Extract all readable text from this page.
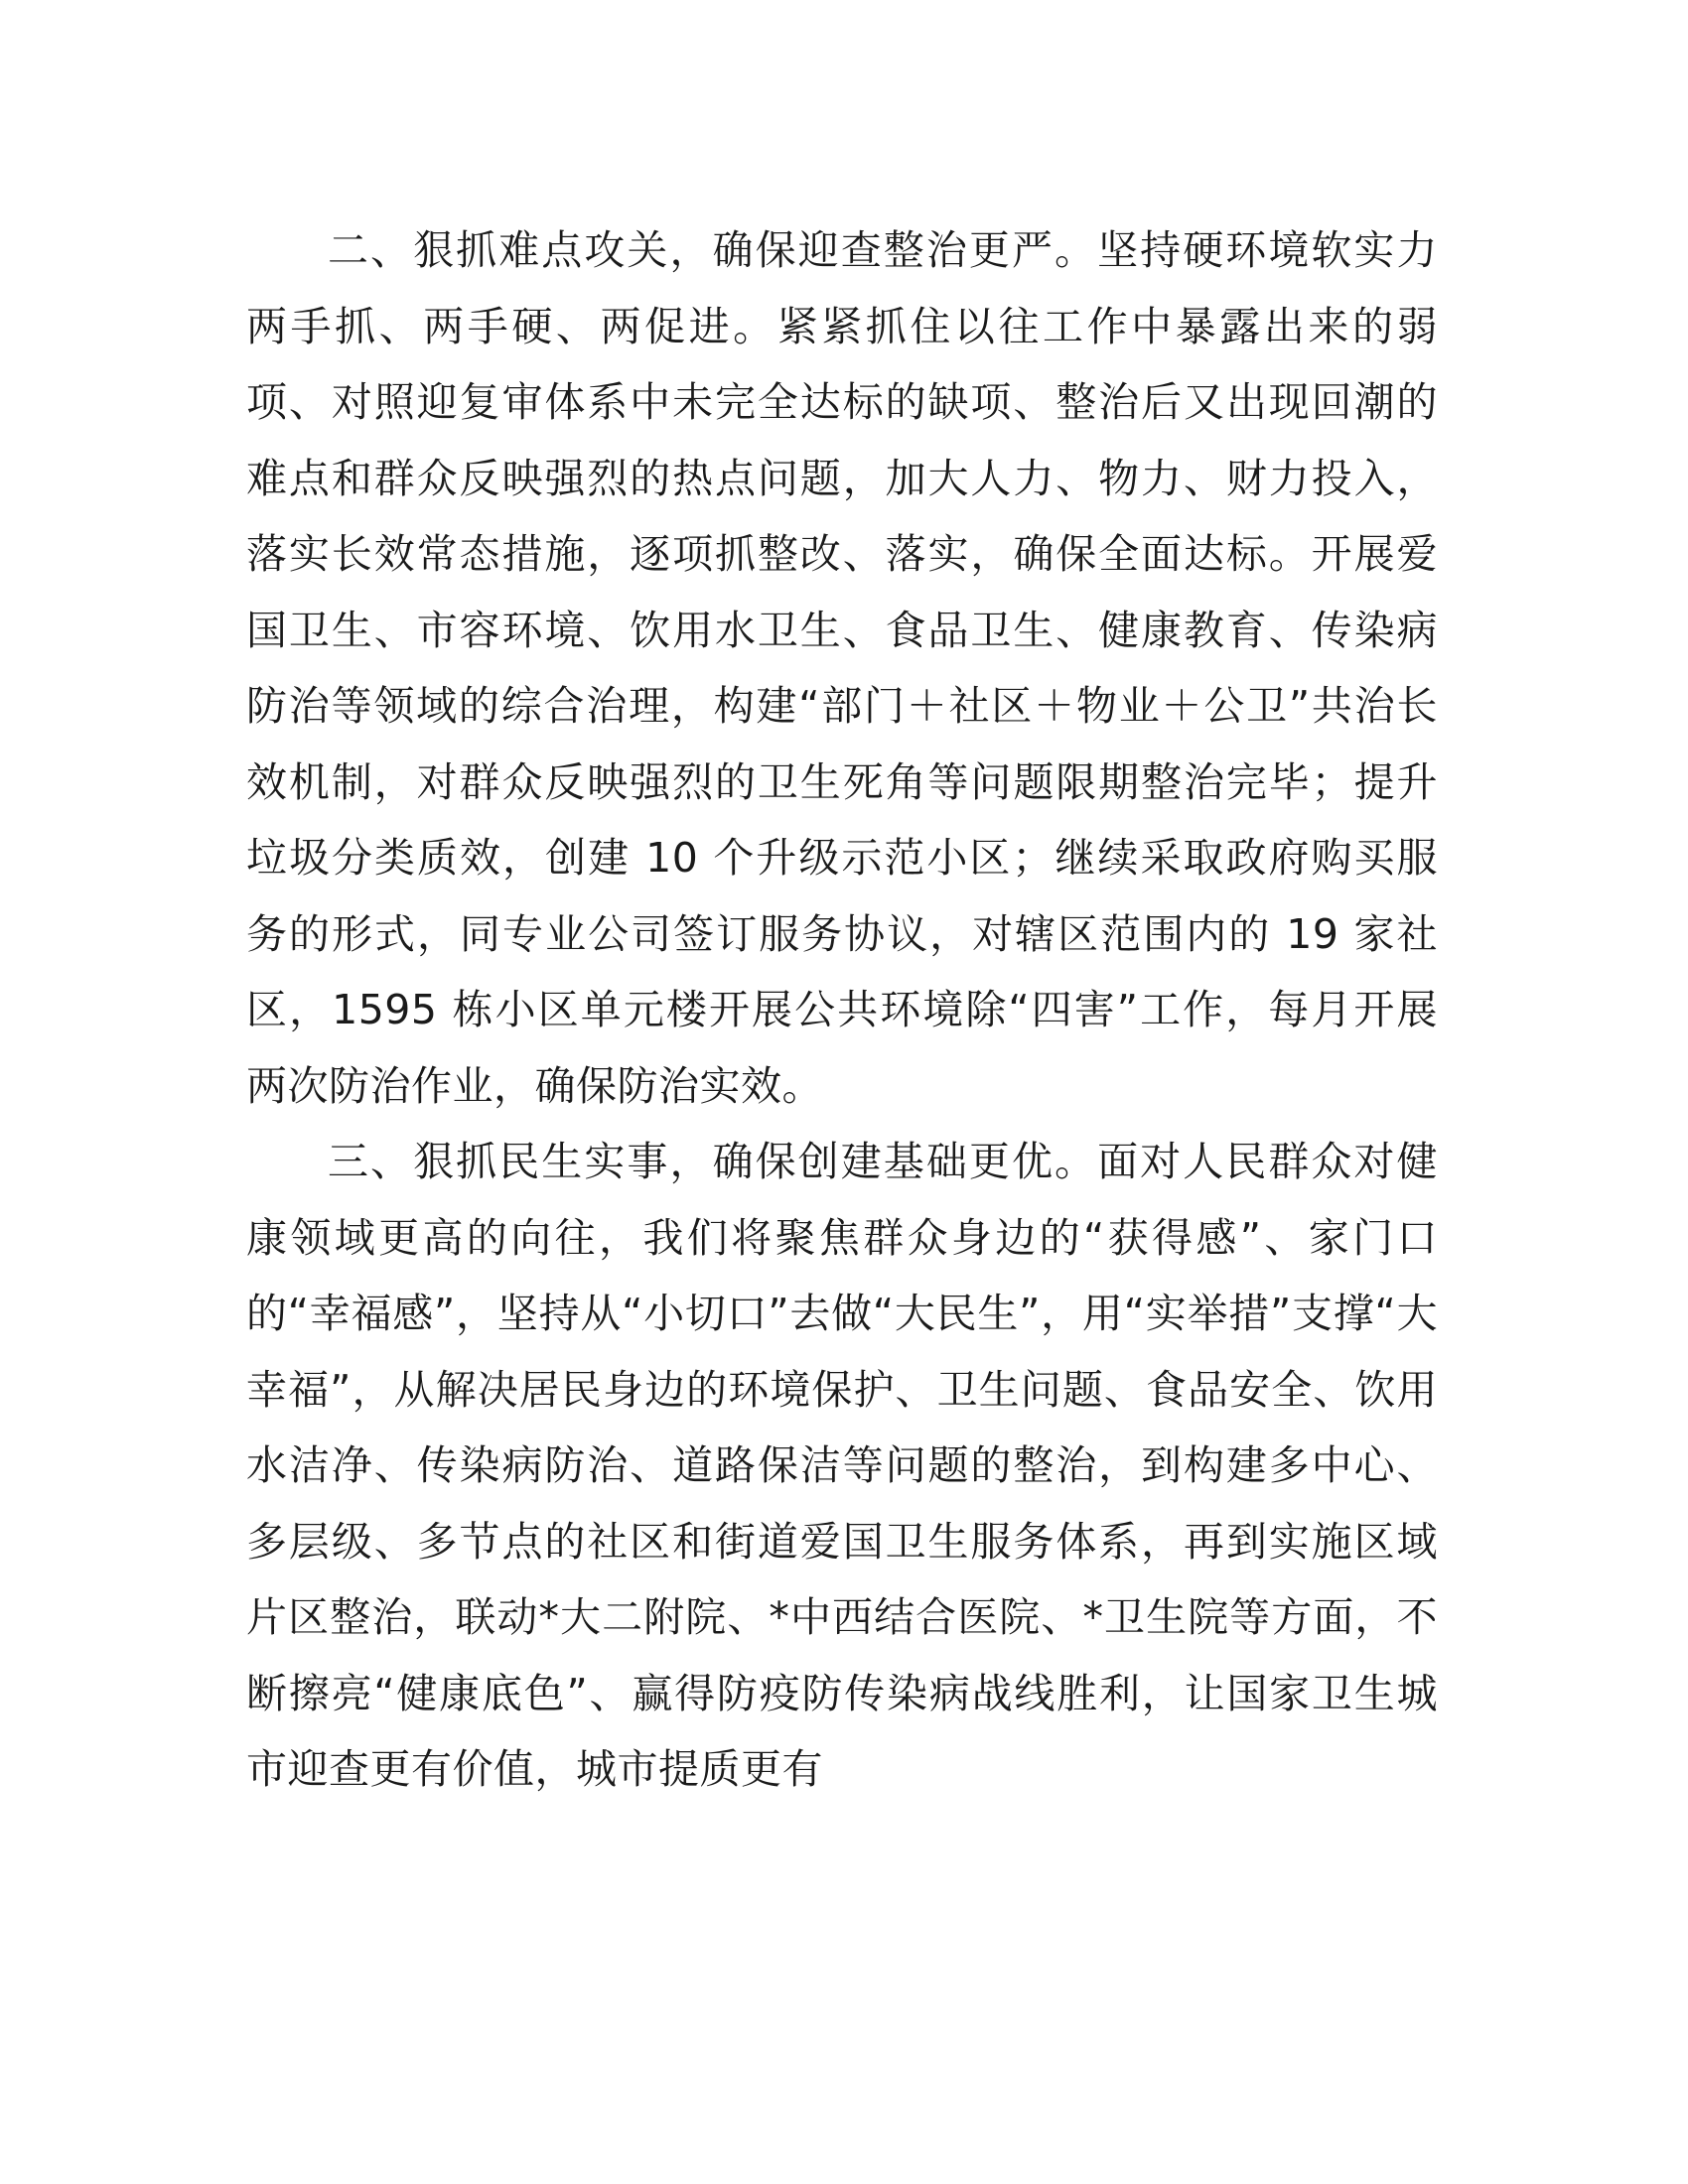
二、狠抓难点攻关，确保迎查整治更严。坚持硬环境软实力两手抓、两手硬、两促进。紧紧抓住以往工作中暴露出来的弱项、对照迎复审体系中未完全达标的缺项、整治后又出现回潮的难点和群众反映强烈的热点问题，加大人力、物力、财力投入，落实长效常态措施，逐项抓整改、落实，确保全面达标。开展爱国卫生、市容环境、饮用水卫生、食品卫生、健康教育、传染病防治等领域的综合治理，构建“部门＋社区＋物业＋公卫”共治长效机制，对群众反映强烈的卫生死角等问题限期整治完毕；提升垃圾分类质效，创建 10 个升级示范小区；继续采取政府购买服务的形式，同专业公司签订服务协议，对辖区范围内的 19 家社区，1595 栋小区单元楼开展公共环境除“四害”工作，每月开展两次防治作业，确保防治实效。

三、狠抓民生实事，确保创建基础更优。面对人民群众对健康领域更高的向往，我们将聚焦群众身边的“获得感”、家门口的“幸福感”，坚持从“小切口”去做“大民生”，用“实举措”支撑“大幸福”，从解决居民身边的环境保护、卫生问题、食品安全、饮用水洁净、传染病防治、道路保洁等问题的整治，到构建多中心、多层级、多节点的社区和街道爱国卫生服务体系，再到实施区域片区整治，联动*大二附院、*中西结合医院、*卫生院等方面，不断擦亮“健康底色”、赢得防疫防传染病战线胜利，让国家卫生城市迎查更有价值，城市提质更有
